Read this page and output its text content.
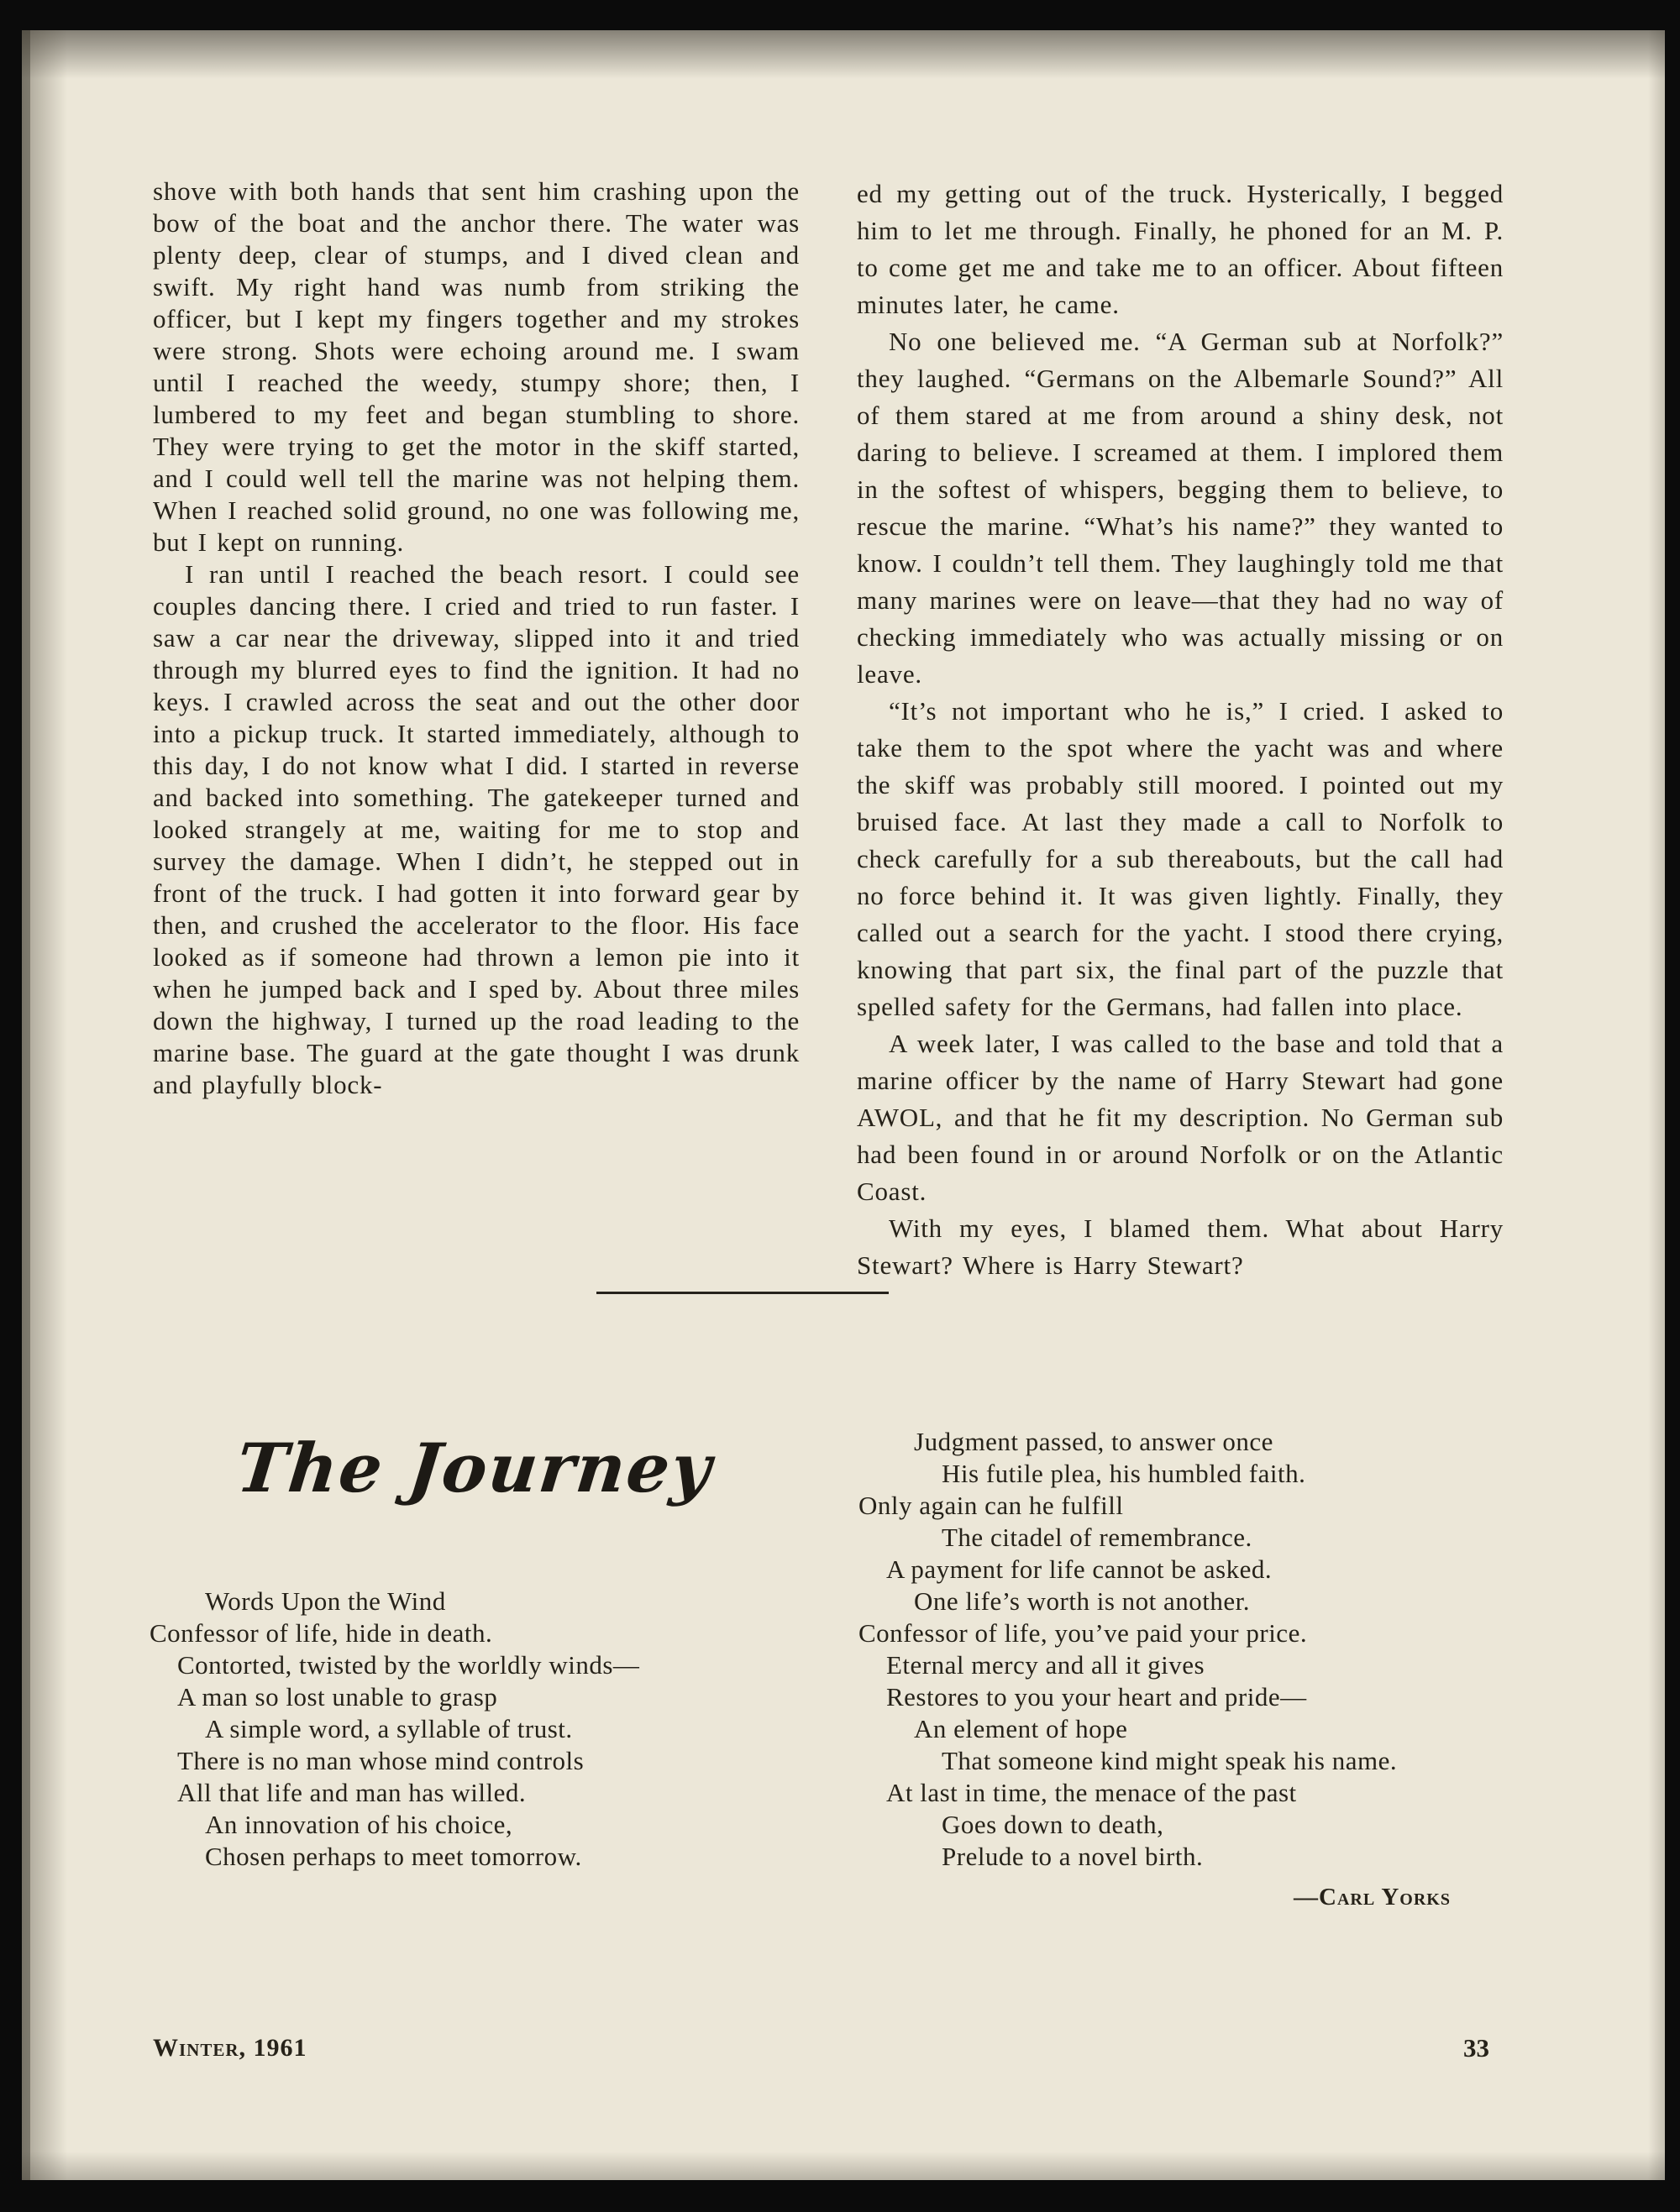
shove with both hands that sent him crashing upon the bow of the boat and the anchor there. The water was plenty deep, clear of stumps, and I dived clean and swift. My right hand was numb from striking the officer, but I kept my fingers together and my strokes were strong. Shots were echoing around me. I swam until I reached the weedy, stumpy shore; then, I lumbered to my feet and began stumbling to shore. They were trying to get the motor in the skiff started, and I could well tell the marine was not helping them. When I reached solid ground, no one was following me, but I kept on running.

I ran until I reached the beach resort. I could see couples dancing there. I cried and tried to run faster. I saw a car near the driveway, slipped into it and tried through my blurred eyes to find the ignition. It had no keys. I crawled across the seat and out the other door into a pickup truck. It started immediately, although to this day, I do not know what I did. I started in reverse and backed into something. The gatekeeper turned and looked strangely at me, waiting for me to stop and survey the damage. When I didn’t, he stepped out in front of the truck. I had gotten it into forward gear by then, and crushed the accelerator to the floor. His face looked as if someone had thrown a lemon pie into it when he jumped back and I sped by. About three miles down the highway, I turned up the road leading to the marine base. The guard at the gate thought I was drunk and playfully block-

ed my getting out of the truck. Hysterically, I begged him to let me through. Finally, he phoned for an M. P. to come get me and take me to an officer. About fifteen minutes later, he came.

No one believed me. “A German sub at Norfolk?” they laughed. “Germans on the Albemarle Sound?” All of them stared at me from around a shiny desk, not daring to believe. I screamed at them. I implored them in the softest of whispers, begging them to believe, to rescue the marine. “What’s his name?” they wanted to know. I couldn’t tell them. They laughingly told me that many marines were on leave—that they had no way of checking immediately who was actually missing or on leave.

“It’s not important who he is,” I cried. I asked to take them to the spot where the yacht was and where the skiff was probably still moored. I pointed out my bruised face. At last they made a call to Norfolk to check carefully for a sub thereabouts, but the call had no force behind it. It was given lightly. Finally, they called out a search for the yacht. I stood there crying, knowing that part six, the final part of the puzzle that spelled safety for the Germans, had fallen into place.

A week later, I was called to the base and told that a marine officer by the name of Harry Stewart had gone AWOL, and that he fit my description. No German sub had been found in or around Norfolk or on the Atlantic Coast.

With my eyes, I blamed them. What about Harry Stewart? Where is Harry Stewart?

The Journey
Words Upon the Wind
Confessor of life, hide in death.
Contorted, twisted by the worldly winds—
A man so lost unable to grasp
A simple word, a syllable of trust.
There is no man whose mind controls
All that life and man has willed.
An innovation of his choice,
Chosen perhaps to meet tomorrow.
Judgment passed, to answer once
His futile plea, his humbled faith.
Only again can he fulfill
The citadel of remembrance.
A payment for life cannot be asked.
One life’s worth is not another.
Confessor of life, you’ve paid your price.
Eternal mercy and all it gives
Restores to you your heart and pride—
An element of hope
That someone kind might speak his name.
At last in time, the menace of the past
Goes down to death,
Prelude to a novel birth.
—Carl Yorks
Winter, 1961	33
